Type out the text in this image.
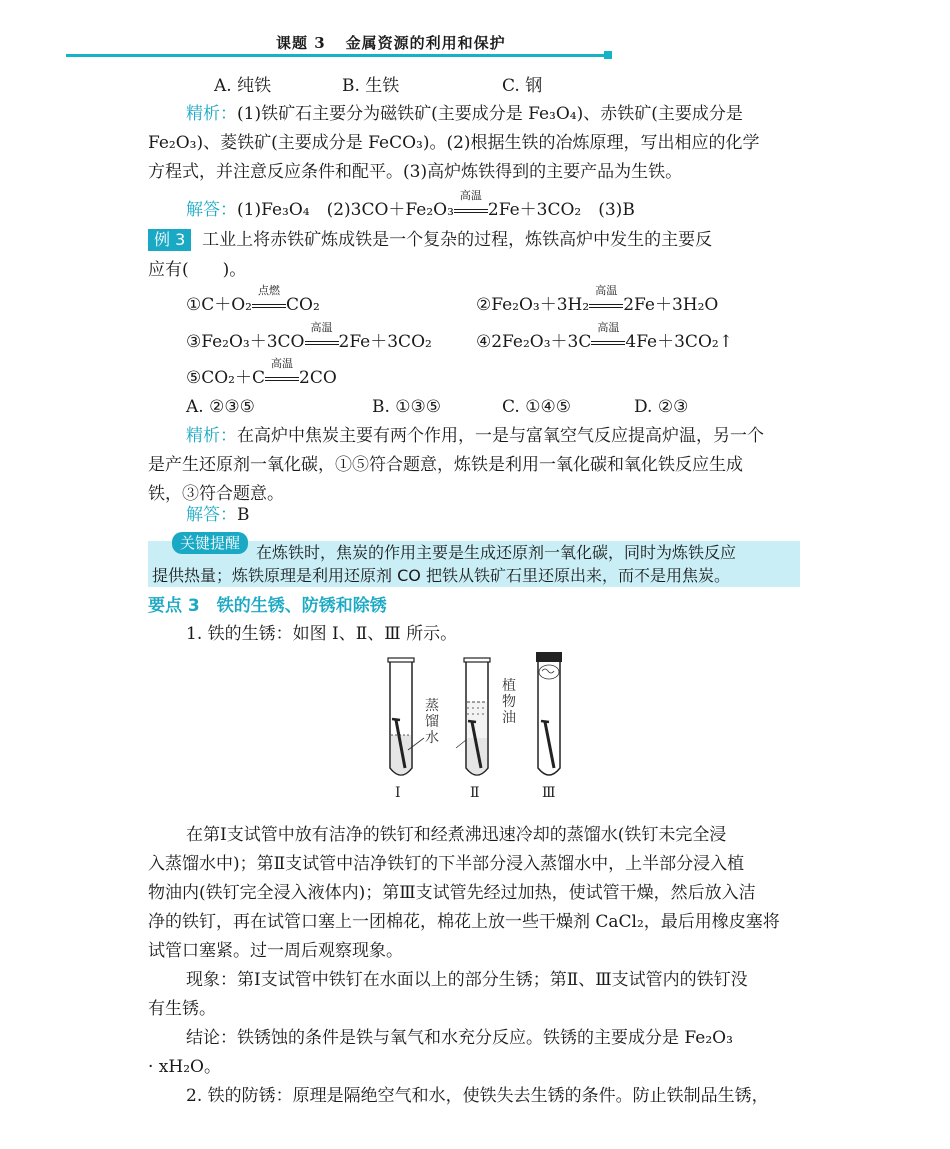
课题 3 金属资源的利用和保护
A. 纯铁	B. 生铁	C. 钢
精析：(1)铁矿石主要分为磁铁矿(主要成分是 Fe₃O₄)、赤铁矿(主要成分是
Fe₂O₃)、菱铁矿(主要成分是 FeCO₃)。(2)根据生铁的冶炼原理，写出相应的化学
方程式，并注意反应条件和配平。(3)高炉炼铁得到的主要产品为生铁。
解答：(1)Fe₃O₄　(2)3CO＋Fe₂O₃
高温
2Fe＋3CO₂　(3)B
例 3 工业上将赤铁矿炼成铁是一个复杂的过程，炼铁高炉中发生的主要反
应有(　　)。
①C＋O₂
点燃
CO₂	②Fe₂O₃＋3H₂
高温
2Fe＋3H₂O
③Fe₂O₃＋3CO
高温
2Fe＋3CO₂	④2Fe₂O₃＋3C
高温
4Fe＋3CO₂↑
⑤CO₂＋C
高温
2CO
A. ②③⑤	B. ①③⑤	C. ①④⑤	D. ②③
精析：在高炉中焦炭主要有两个作用，一是与富氧空气反应提高炉温，另一个
是产生还原剂一氧化碳，①⑤符合题意，炼铁是利用一氧化碳和氧化铁反应生成
铁，③符合题意。
解答：B
关键提醒 在炼铁时，焦炭的作用主要是生成还原剂一氧化碳，同时为炼铁反应
提供热量；炼铁原理是利用还原剂 CO 把铁从铁矿石里还原出来，而不是用焦炭。
要点 3　铁的生锈、防锈和除锈
1. 铁的生锈：如图 Ⅰ、Ⅱ、Ⅲ 所示。
蒸
馏
水
Ⅰ
植
物
油
Ⅱ	Ⅲ
在第Ⅰ支试管中放有洁净的铁钉和经煮沸迅速冷却的蒸馏水(铁钉未完全浸
入蒸馏水中)；第Ⅱ支试管中洁净铁钉的下半部分浸入蒸馏水中，上半部分浸入植
物油内(铁钉完全浸入液体内)；第Ⅲ支试管先经过加热，使试管干燥，然后放入洁
净的铁钉，再在试管口塞上一团棉花，棉花上放一些干燥剂 CaCl₂，最后用橡皮塞将
试管口塞紧。过一周后观察现象。
现象：第Ⅰ支试管中铁钉在水面以上的部分生锈；第Ⅱ、Ⅲ支试管内的铁钉没
有生锈。
结论：铁锈蚀的条件是铁与氧气和水充分反应。铁锈的主要成分是 Fe₂O₃
· xH₂O。
2. 铁的防锈：原理是隔绝空气和水，使铁失去生锈的条件。防止铁制品生锈，
